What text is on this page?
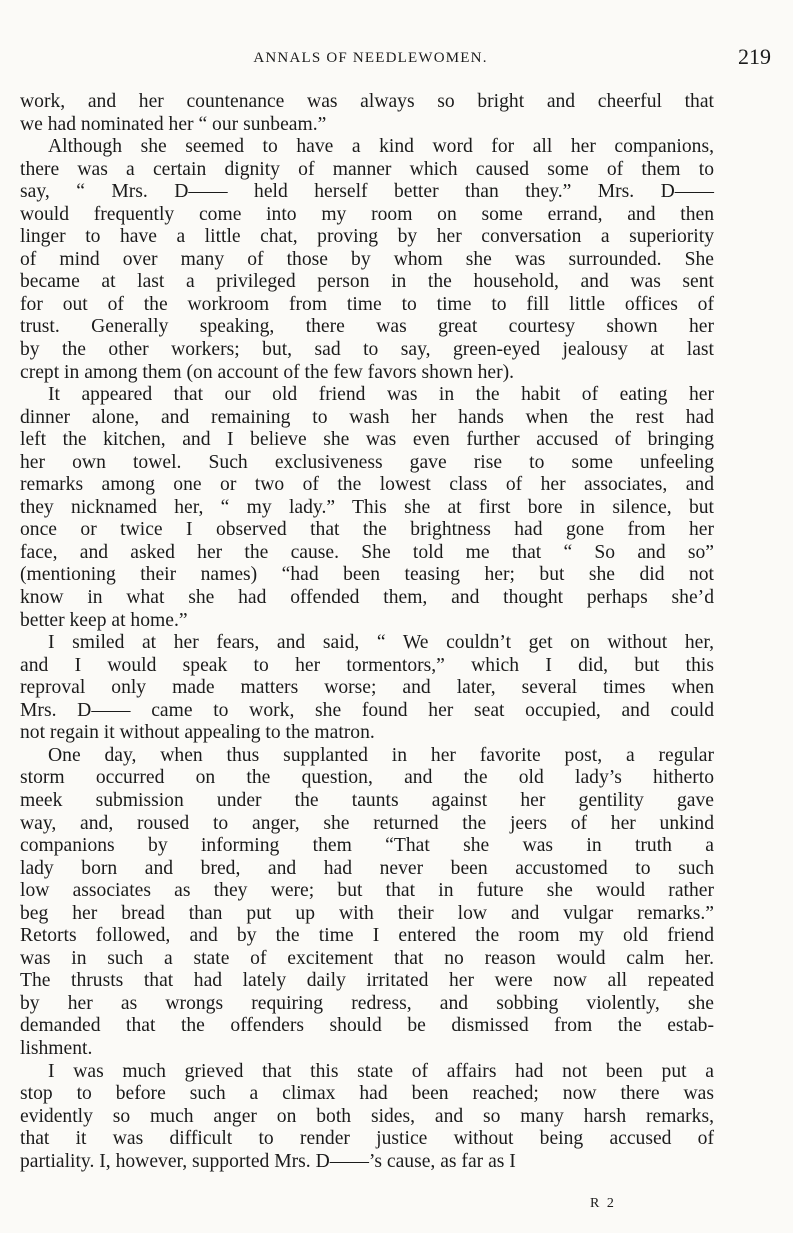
ANNALS OF NEEDLEWOMEN.	219
work, and her countenance was always so bright and cheerful that
we had nominated her “ our sunbeam.”
Although she seemed to have a kind word for all her companions,
there was a certain dignity of manner which caused some of them to
say, “ Mrs. D—— held herself better than they.” Mrs. D——
would frequently come into my room on some errand, and then
linger to have a little chat, proving by her conversation a superiority
of mind over many of those by whom she was surrounded. She
became at last a privileged person in the household, and was sent
for out of the workroom from time to time to fill little offices of
trust. Generally speaking, there was great courtesy shown her
by the other workers; but, sad to say, green-eyed jealousy at last
crept in among them (on account of the few favors shown her).
It appeared that our old friend was in the habit of eating her
dinner alone, and remaining to wash her hands when the rest had
left the kitchen, and I believe she was even further accused of bringing
her own towel. Such exclusiveness gave rise to some unfeeling
remarks among one or two of the lowest class of her associates, and
they nicknamed her, “ my lady.” This she at first bore in silence, but
once or twice I observed that the brightness had gone from her
face, and asked her the cause. She told me that “ So and so”
(mentioning their names) “had been teasing her; but she did not
know in what she had offended them, and thought perhaps she’d
better keep at home.”
I smiled at her fears, and said, “ We couldn’t get on without her,
and I would speak to her tormentors,” which I did, but this
reproval only made matters worse; and later, several times when
Mrs. D—— came to work, she found her seat occupied, and could
not regain it without appealing to the matron.
One day, when thus supplanted in her favorite post, a regular
storm occurred on the question, and the old lady’s hitherto
meek submission under the taunts against her gentility gave
way, and, roused to anger, she returned the jeers of her unkind
companions by informing them “That she was in truth a
lady born and bred, and had never been accustomed to such
low associates as they were; but that in future she would rather
beg her bread than put up with their low and vulgar remarks.”
Retorts followed, and by the time I entered the room my old friend
was in such a state of excitement that no reason would calm her.
The thrusts that had lately daily irritated her were now all repeated
by her as wrongs requiring redress, and sobbing violently, she
demanded that the offenders should be dismissed from the estab-
lishment.
I was much grieved that this state of affairs had not been put a
stop to before such a climax had been reached; now there was
evidently so much anger on both sides, and so many harsh remarks,
that it was difficult to render justice without being accused of
partiality. I, however, supported Mrs. D——’s cause, as far as I
R 2
